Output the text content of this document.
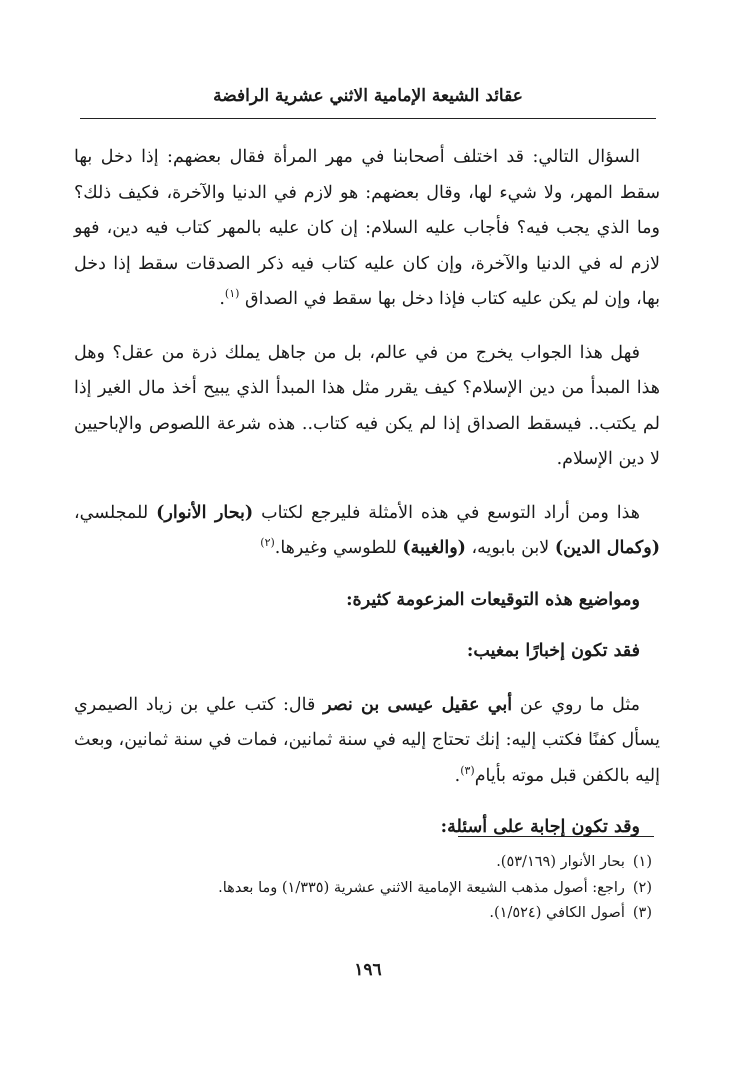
عقائد الشيعة الإمامية الاثني عشرية الرافضة

السؤال التالي: قد اختلف أصحابنا في مهر المرأة فقال بعضهم: إذا دخل بها سقط المهر، ولا شيء لها، وقال بعضهم: هو لازم في الدنيا والآخرة، فكيف ذلك؟ وما الذي يجب فيه؟ فأجاب عليه السلام: إن كان عليه بالمهر كتاب فيه دين، فهو لازم له في الدنيا والآخرة، وإن كان عليه كتاب فيه ذكر الصدقات سقط إذا دخل بها، وإن لم يكن عليه كتاب فإذا دخل بها سقط في الصداق $^{(١)}$.

فهل هذا الجواب يخرج من في عالم، بل من جاهل يملك ذرة من عقل؟ وهل هذا المبدأ من دين الإسلام؟ كيف يقرر مثل هذا المبدأ الذي يبيح أخذ مال الغير إذا لم يكتب.. فيسقط الصداق إذا لم يكن فيه كتاب.. هذه شرعة اللصوص والإباحيين لا دين الإسلام.

هذا ومن أراد التوسع في هذه الأمثلة فليرجع لكتاب (بحار الأنوار) للمجلسي، (وكمال الدين) لابن بابويه، (والغيبة) للطوسي وغيرها.$^{(٢)}$

ومواضيع هذه التوقيعات المزعومة كثيرة:

فقد تكون إخبارًا بمغيب:

مثل ما روي عن أبي عقيل عيسى بن نصر قال: كتب علي بن زياد الصيمري يسأل كفنًا فكتب إليه: إنك تحتاج إليه في سنة ثمانين، فمات في سنة ثمانين، وبعث إليه بالكفن قبل موته بأيام$^{(٣)}$.

وقد تكون إجابة على أسئلة:

(١)بحار الأنوار (٥٣/١٦٩).

(٢)راجع: أصول مذهب الشيعة الإمامية الاثني عشرية (١/٣٣٥) وما بعدها.

(٣)أصول الكافي (١/٥٢٤).

١٩٦
